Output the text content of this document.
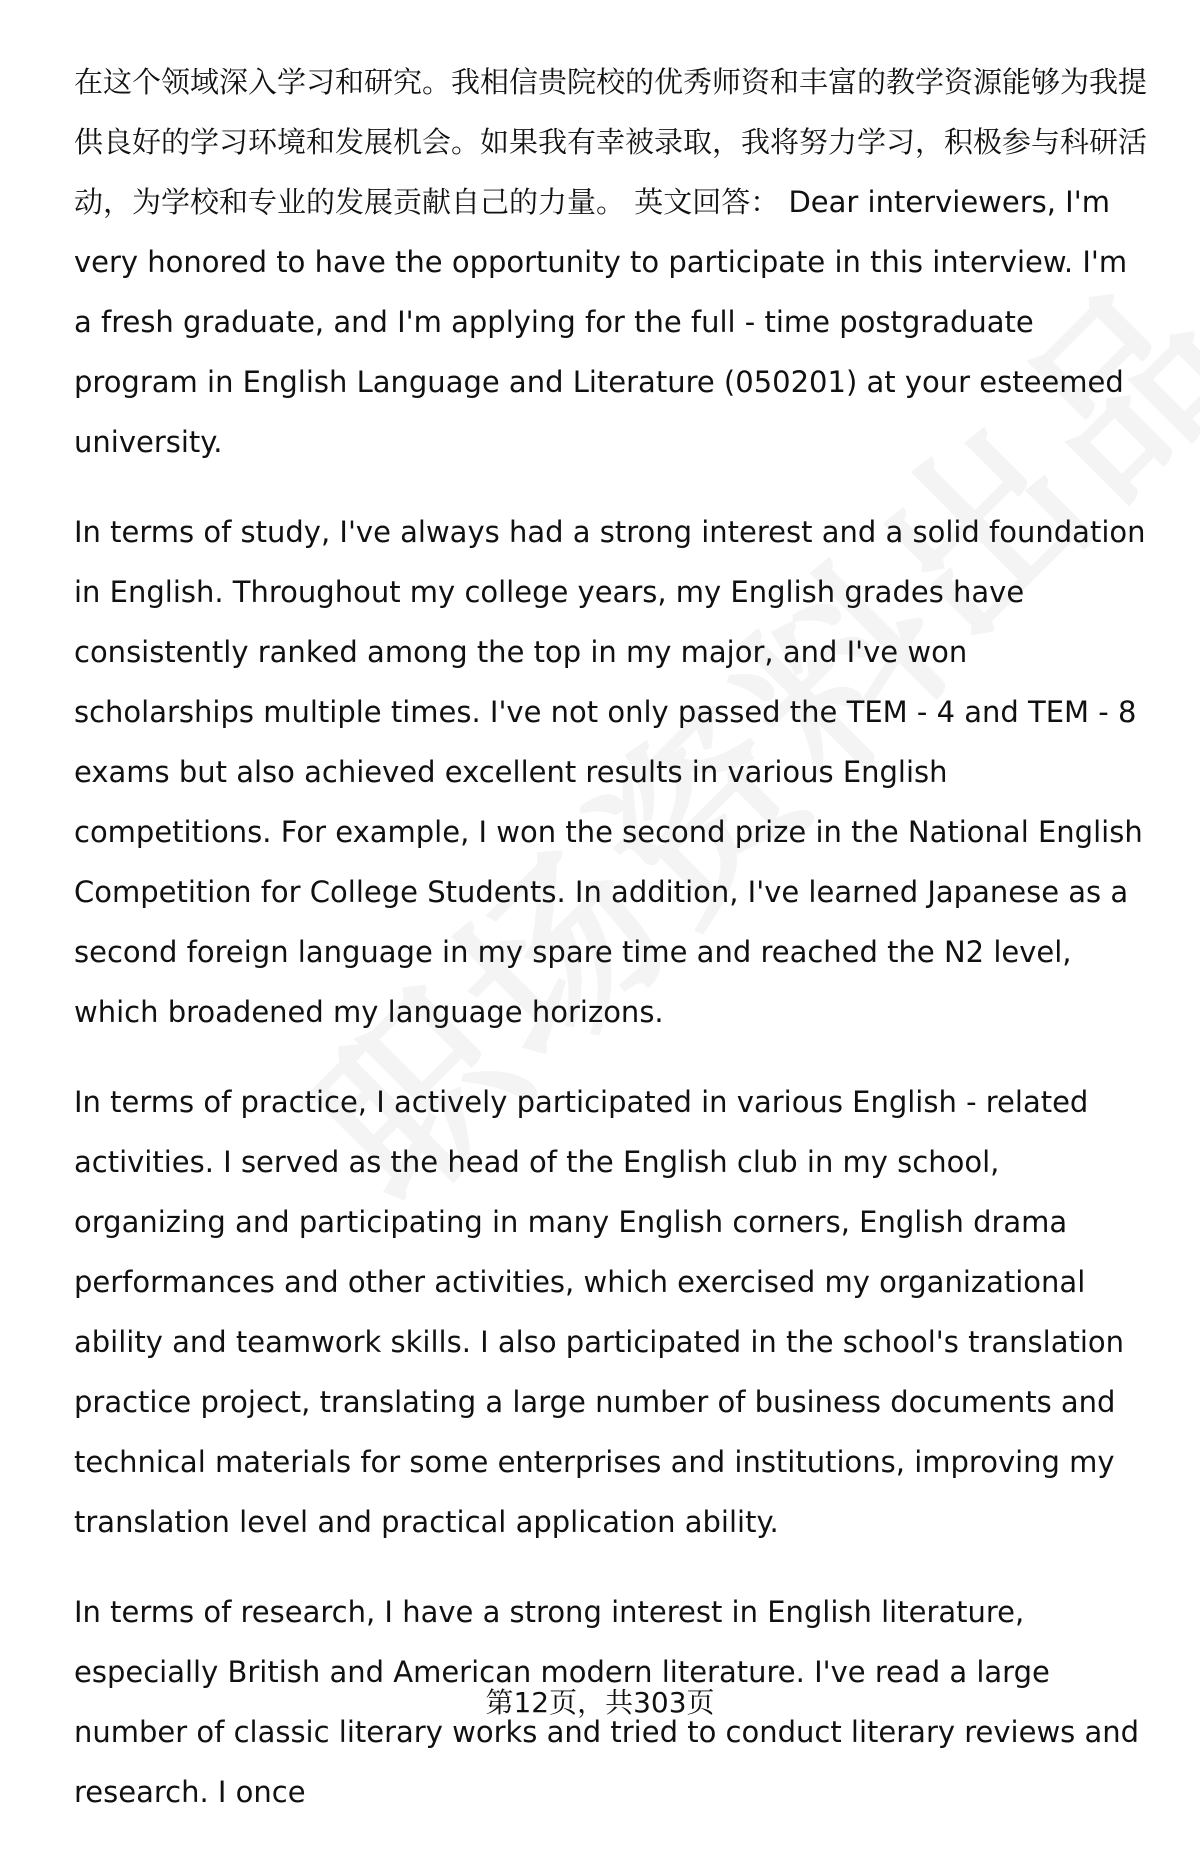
在这个领域深入学习和研究。我相信贵院校的优秀师资和丰富的教学资源能够为我提供良好的学习环境和发展机会。如果我有幸被录取，我将努力学习，积极参与科研活动，为学校和专业的发展贡献自己的力量。 英文回答： Dear interviewers, I'm very honored to have the opportunity to participate in this interview. I'm a fresh graduate, and I'm applying for the full - time postgraduate program in English Language and Literature (050201) at your esteemed university.

In terms of study, I've always had a strong interest and a solid foundation in English. Throughout my college years, my English grades have consistently ranked among the top in my major, and I've won scholarships multiple times. I've not only passed the TEM - 4 and TEM - 8 exams but also achieved excellent results in various English competitions. For example, I won the second prize in the National English Competition for College Students. In addition, I've learned Japanese as a second foreign language in my spare time and reached the N2 level, which broadened my language horizons.

In terms of practice, I actively participated in various English - related activities. I served as the head of the English club in my school, organizing and participating in many English corners, English drama performances and other activities, which exercised my organizational ability and teamwork skills. I also participated in the school's translation practice project, translating a large number of business documents and technical materials for some enterprises and institutions, improving my translation level and practical application ability.

In terms of research, I have a strong interest in English literature, especially British and American modern literature. I've read a large number of classic literary works and tried to conduct literary reviews and research. I once

第12页，共303页
